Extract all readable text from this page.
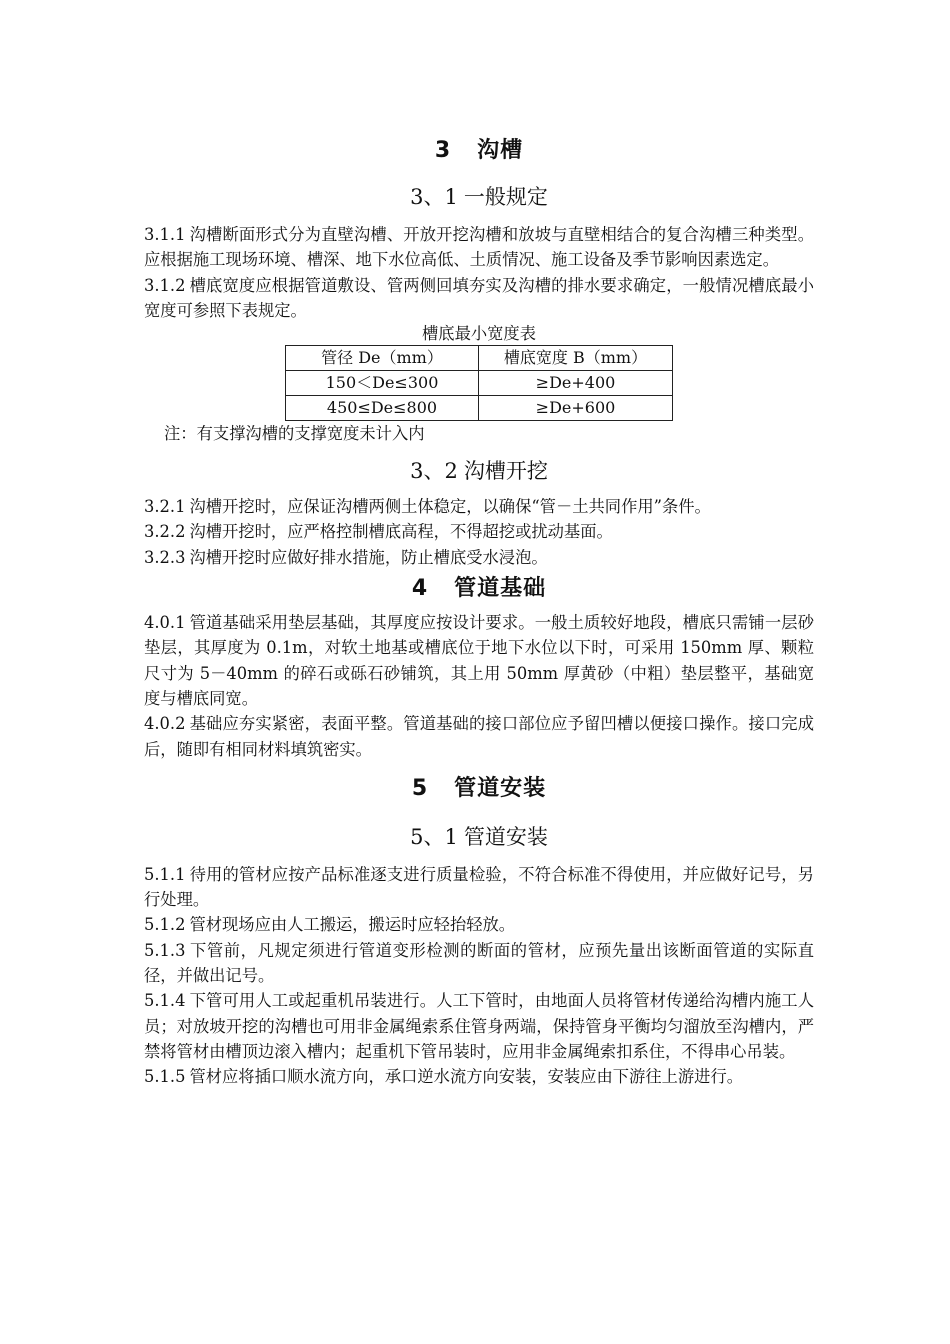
3 沟槽
3、1 一般规定

3.1.1 沟槽断面形式分为直壁沟槽、开放开挖沟槽和放坡与直壁相结合的复合沟槽三种类型。应根据施工现场环境、槽深、地下水位高低、土质情况、施工设备及季节影响因素选定。

3.1.2 槽底宽度应根据管道敷设、管两侧回填夯实及沟槽的排水要求确定，一般情况槽底最小宽度可参照下表规定。

槽底最小宽度表
管径 De（mm）	槽底宽度 B（mm）
150＜De≤300	≥De+400
450≤De≤800	≥De+600
注：有支撑沟槽的支撑宽度未计入内
3、2 沟槽开挖

3.2.1 沟槽开挖时，应保证沟槽两侧土体稳定，以确保“管－土共同作用”条件。

3.2.2 沟槽开挖时，应严格控制槽底高程，不得超挖或扰动基面。

3.2.3 沟槽开挖时应做好排水措施，防止槽底受水浸泡。

4 管道基础

4.0.1 管道基础采用垫层基础，其厚度应按设计要求。一般土质较好地段，槽底只需铺一层砂垫层，其厚度为 0.1m，对软土地基或槽底位于地下水位以下时，可采用 150mm 厚、颗粒尺寸为 5－40mm 的碎石或砾石砂铺筑，其上用 50mm 厚黄砂（中粗）垫层整平，基础宽度与槽底同宽。

4.0.2 基础应夯实紧密，表面平整。管道基础的接口部位应予留凹槽以便接口操作。接口完成后，随即有相同材料填筑密实。

5 管道安装
5、1 管道安装

5.1.1 待用的管材应按产品标准逐支进行质量检验，不符合标准不得使用，并应做好记号，另行处理。

5.1.2 管材现场应由人工搬运，搬运时应轻抬轻放。

5.1.3 下管前，凡规定须进行管道变形检测的断面的管材，应预先量出该断面管道的实际直径，并做出记号。

5.1.4 下管可用人工或起重机吊装进行。人工下管时，由地面人员将管材传递给沟槽内施工人员；对放坡开挖的沟槽也可用非金属绳索系住管身两端，保持管身平衡均匀溜放至沟槽内，严禁将管材由槽顶边滚入槽内；起重机下管吊装时，应用非金属绳索扣系住，不得串心吊装。

5.1.5 管材应将插口顺水流方向，承口逆水流方向安装，安装应由下游往上游进行。
